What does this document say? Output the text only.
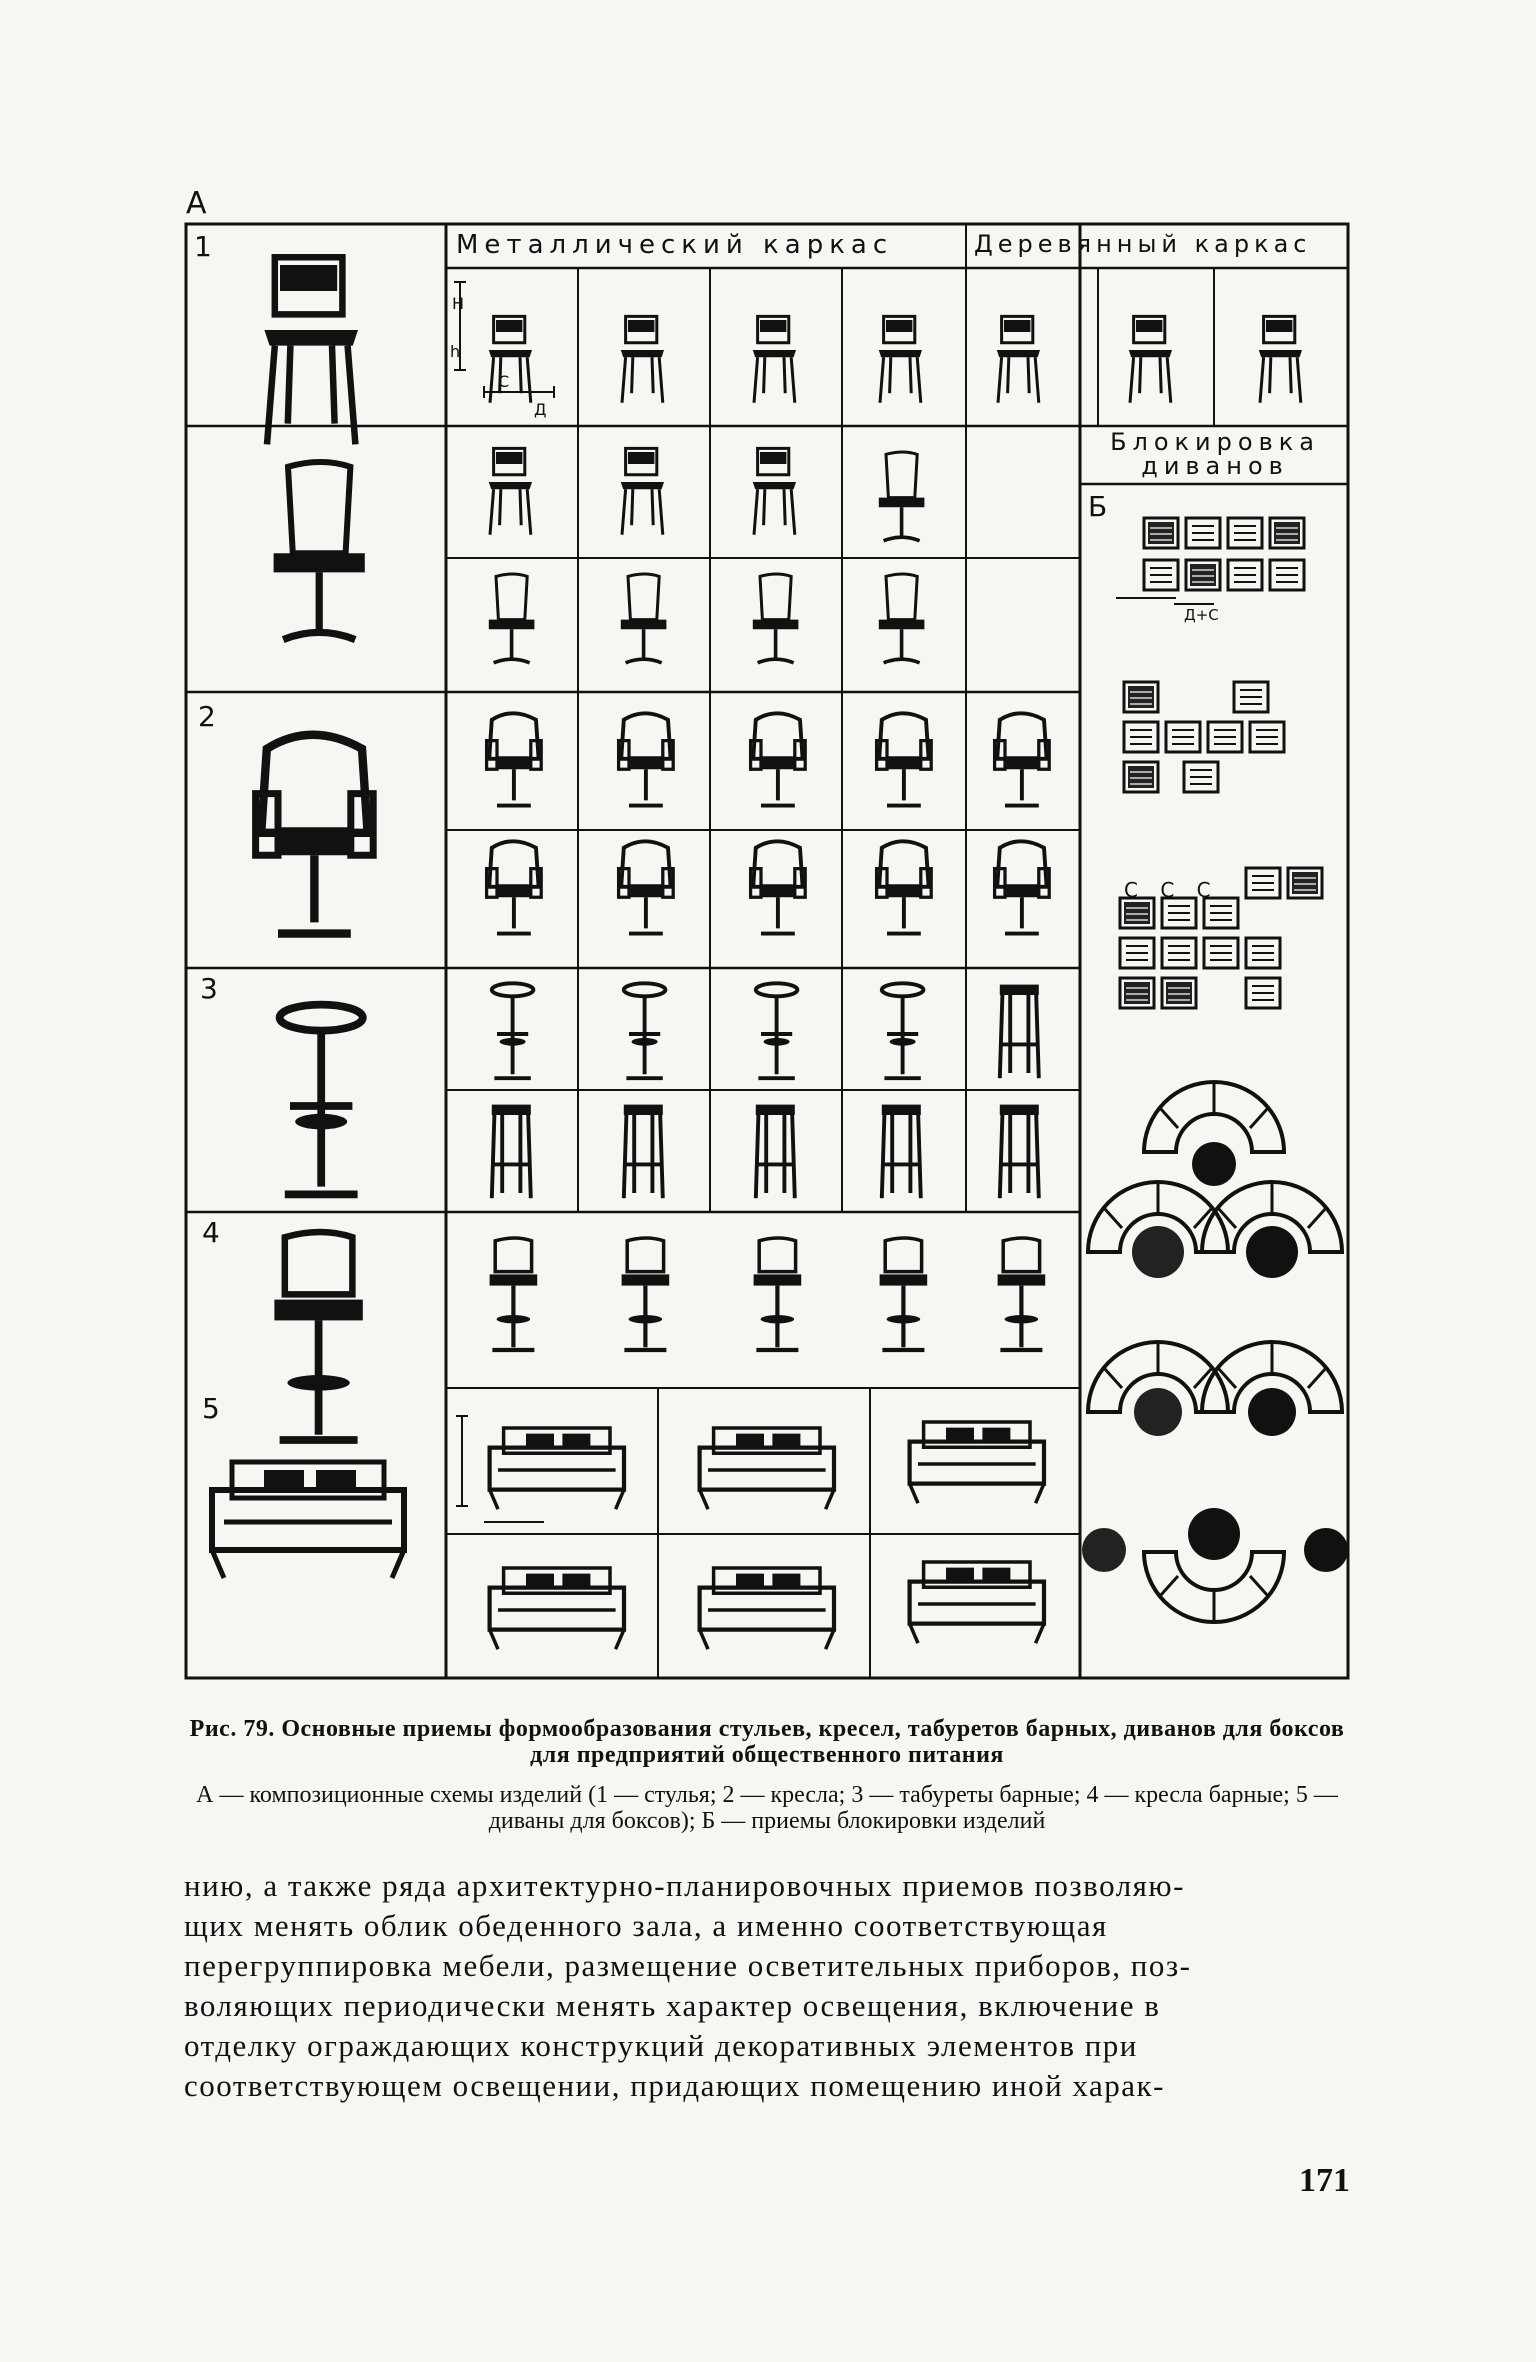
А
1
2
3
4
5
Металлический каркас	Деревянный каркас
Блокировка диванов
Б
H
h
С
Д
Д+С
С С С
Рис. 79. Основные приемы формообразования стульев, кресел, табуретов барных, диванов для боксов для предприятий общественного питания
А — композиционные схемы изделий (1 — стулья; 2 — кресла; 3 — табуреты барные; 4 — кресла барные; 5 — диваны для боксов); Б — приемы блокировки изделий

нию, а также ряда архитектурно-планировочных приемов позволяю-

щих менять облик обеденного зала, а именно соответствующая

перегруппировка мебели, размещение осветительных приборов, поз-

воляющих периодически менять характер освещения, включение в

отделку ограждающих конструкций декоративных элементов при

соответствующем освещении, придающих помещению иной харак-

171
